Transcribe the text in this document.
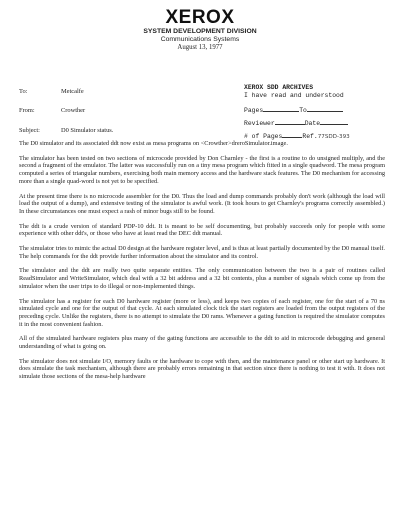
XEROX
SYSTEM DEVELOPMENT DIVISION
Communications Systems
August 13, 1977
To:	Metcalfe
From:	Crowther
Subject:	D0 Simulator status.
XEROX SDD ARCHIVES
I have read and understood
Pages	To
Reviewer	Date
# of Pages	Ref.77SDD-393

The D0 simulator and its associated ddt now exist as mesa programs on <Crowther>dreroSimulator.image.

The simulator has been tested on two sections of microcode provided by Don Charnley - the first is a routine to do unsigned multiply, and the second a fragment of the emulator. The latter was successfully run on a tiny mesa program which fitted in a single quadword. The mesa program computed a series of triangular numbers, exercising both main memory access and the hardware stack features. The D0 mechanism for accessing more than a single quad-word is not yet to be specified.

At the present time there is no microcode assembler for the D0. Thus the load and dump commands probably don't work (although the load will load the output of a dump), and extensive testing of the simulator is awful work. (It took hours to get Charnley's programs correctly assembled.) In these circumstances one must expect a rash of minor bugs still to be found.

The ddt is a crude version of standard PDP-10 ddt. It is meant to be self documenting, but probably succeeds only for people with some experience with other ddt's, or those who have at least read the DEC ddt manual.

The simulator tries to mimic the actual D0 design at the hardware register level, and is thus at least partially documented by the D0 manual itself. The help commands for the ddt provide further information about the simulator and its control.

The simulator and the ddt are really two quite separate entities. The only communication between the two is a pair of routines called ReadSimulator and WriteSimulator, which deal with a 32 bit address and a 32 bit contents, plus a number of signals which come up from the simulator when the user trips to do illegal or non-implemented things.

The simulator has a register for each D0 hardware register (more or less), and keeps two copies of each register, one for the start of a 70 ns simulated cycle and one for the output of that cycle. At each simulated clock tick the start registers are loaded from the output registers of the preceding cycle. Unlike the registers, there is no attempt to simulate the D0 rams. Whenever a gating function is required the simulator computes it in the most convenient fashion.

All of the simulated hardware registers plus many of the gating functions are accessible to the ddt to aid in microcode debugging and general understanding of what is going on.

The simulator does not simulate I/O, memory faults or the hardware to cope with then, and the maintenance panel or other start up hardware. It does simulate the task mechanism, although there are probably errors remaining in that section since there is nothing to test it with. It does not simulate those sections of the mesa-help hardware
